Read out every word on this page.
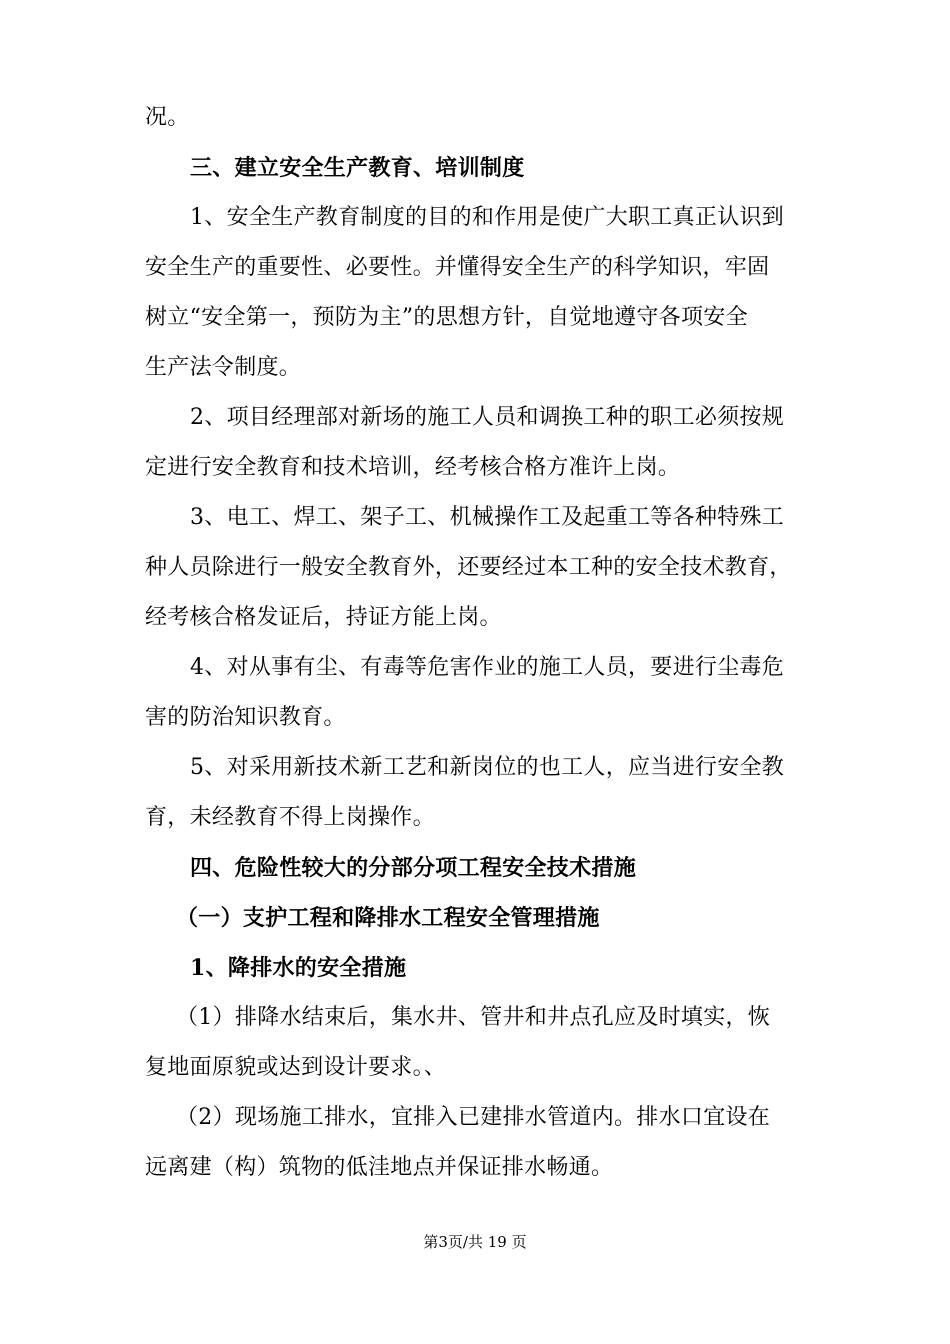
况。
三、建立安全生产教育、培训制度
1、安全生产教育制度的目的和作用是使广大职工真正认识到
安全生产的重要性、必要性。并懂得安全生产的科学知识，牢固
树立“安全第一，预防为主”的思想方针，自觉地遵守各项安全
生产法令制度。
2、项目经理部对新场的施工人员和调换工种的职工必须按规
定进行安全教育和技术培训，经考核合格方准许上岗。
3、电工、焊工、架子工、机械操作工及起重工等各种特殊工
种人员除进行一般安全教育外，还要经过本工种的安全技术教育，
经考核合格发证后，持证方能上岗。
4、对从事有尘、有毒等危害作业的施工人员，要进行尘毒危
害的防治知识教育。
5、对采用新技术新工艺和新岗位的也工人，应当进行安全教
育，未经教育不得上岗操作。
四、危险性较大的分部分项工程安全技术措施
（一）支护工程和降排水工程安全管理措施
1、降排水的安全措施
（1）排降水结束后，集水井、管井和井点孔应及时填实，恢
复地面原貌或达到设计要求。、
（2）现场施工排水，宜排入已建排水管道内。排水口宜设在
远离建（构）筑物的低洼地点并保证排水畅通。
第3页/共 19 页
